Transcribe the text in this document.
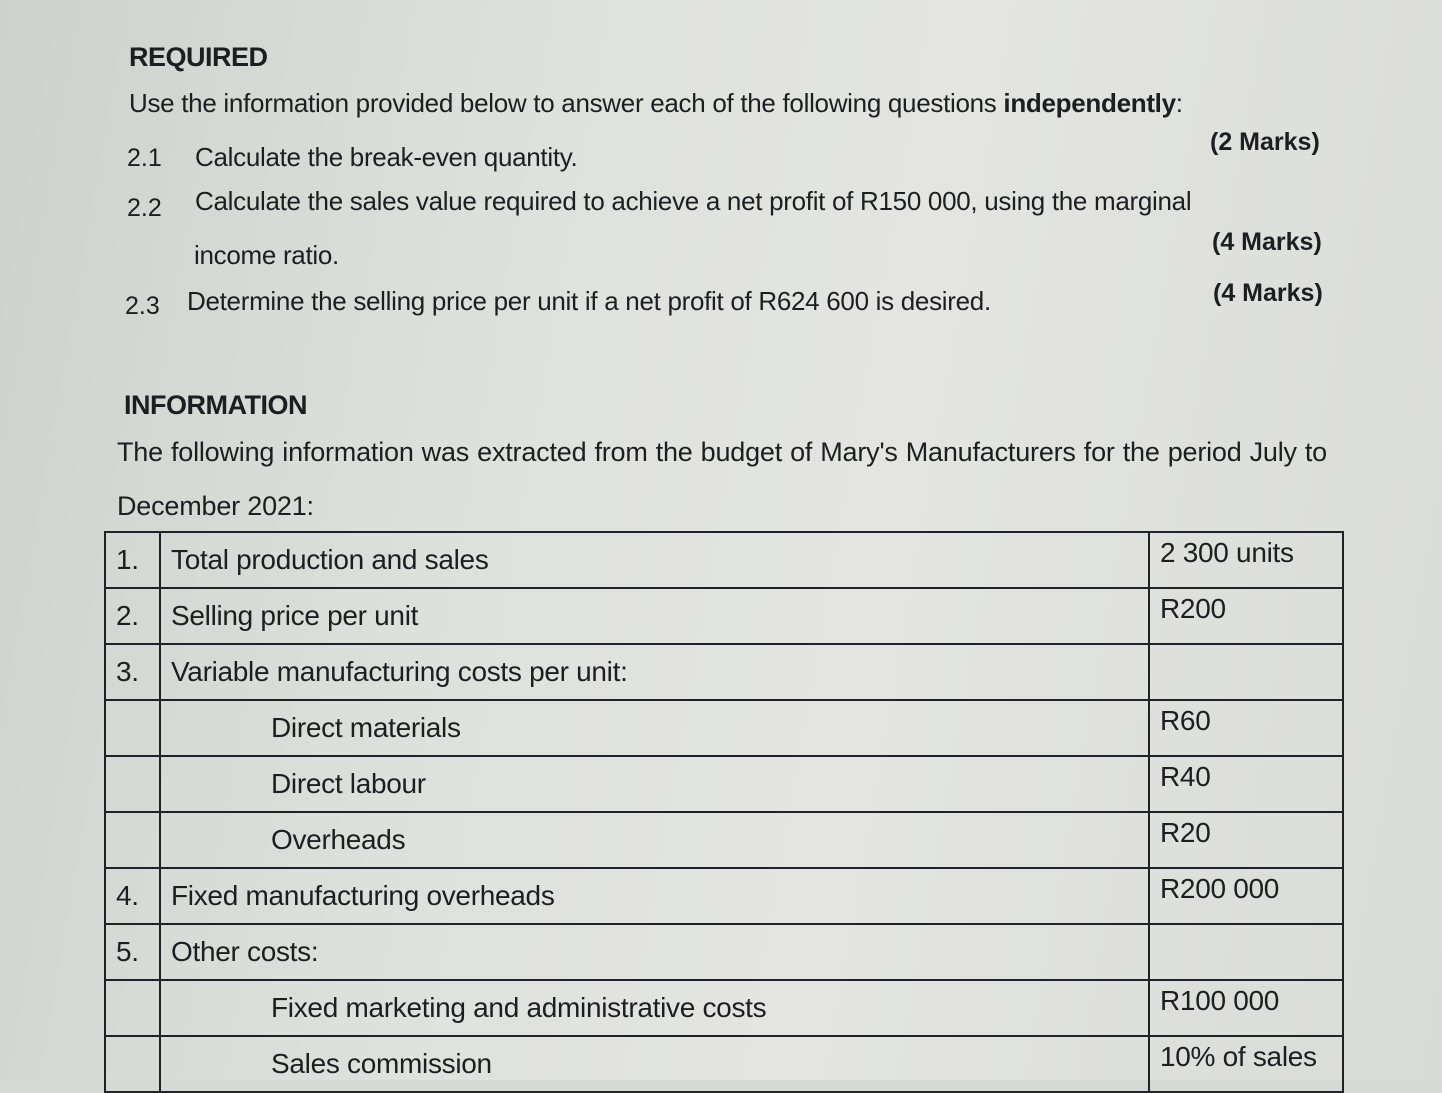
REQUIRED
Use the information provided below to answer each of the following questions independently:
2.1 Calculate the break-even quantity.	(2 Marks)
2.2 Calculate the sales value required to achieve a net profit of R150 000, using the marginal
income ratio.	(4 Marks)
2.3 Determine the selling price per unit if a net profit of R624 600 is desired.	(4 Marks)
INFORMATION
The following information was extracted from the budget of Mary's Manufacturers for the period July to
December 2021:
1.	Total production and sales	2 300 units
2.	Selling price per unit	R200
3.	Variable manufacturing costs per unit:	
	Direct materials	R60
	Direct labour	R40
	Overheads	R20
4.	Fixed manufacturing overheads	R200 000
5.	Other costs:	
	Fixed marketing and administrative costs	R100 000
	Sales commission	10% of sales
